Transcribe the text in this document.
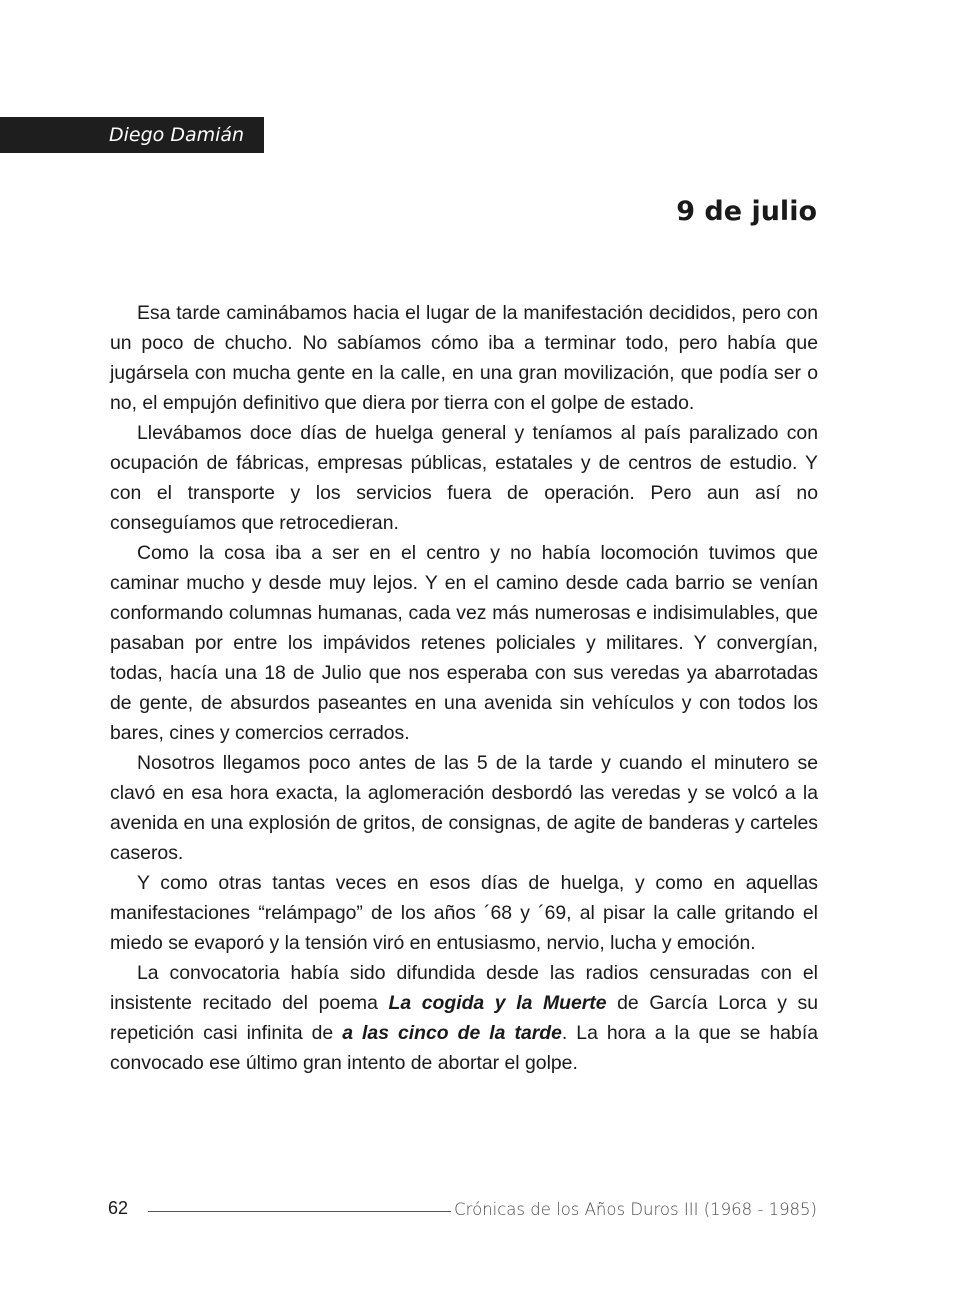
Diego Damián
9 de julio

Esa tarde caminábamos hacia el lugar de la manifestación decididos, pero con un poco de chucho. No sabíamos cómo iba a terminar todo, pero había que jugársela con mucha gente en la calle, en una gran movilización, que podía ser o no, el empujón definitivo que diera por tierra con el golpe de estado.

Llevábamos doce días de huelga general y teníamos al país paralizado con ocupación de fábricas, empresas públicas, estatales y de centros de estudio. Y con el transporte y los servicios fuera de operación. Pero aun así no conseguíamos que retrocedieran.

Como la cosa iba a ser en el centro y no había locomoción tuvimos que caminar mucho y desde muy lejos. Y en el camino desde cada barrio se venían conformando columnas humanas, cada vez más numerosas e indisimulables, que pasaban por entre los impávidos retenes policiales y militares. Y convergían, todas, hacía una 18 de Julio que nos esperaba con sus veredas ya abarrotadas de gente, de absurdos paseantes en una avenida sin vehículos y con todos los bares, cines y comercios cerrados.

Nosotros llegamos poco antes de las 5 de la tarde y cuando el minutero se clavó en esa hora exacta, la aglomeración desbordó las veredas y se volcó a la avenida en una explosión de gritos, de consignas, de agite de banderas y carteles caseros.

Y como otras tantas veces en esos días de huelga, y como en aquellas manifestaciones “relámpago” de los años ´68 y ´69, al pisar la calle gritando el miedo se evaporó y la tensión viró en entusiasmo, nervio, lucha y emoción.

La convocatoria había sido difundida desde las radios censuradas con el insistente recitado del poema La cogida y la Muerte de García Lorca y su repetición casi infinita de a las cinco de la tarde. La hora a la que se había convocado ese último gran intento de abortar el golpe.

62	Crónicas de los Años Duros III (1968 - 1985)
